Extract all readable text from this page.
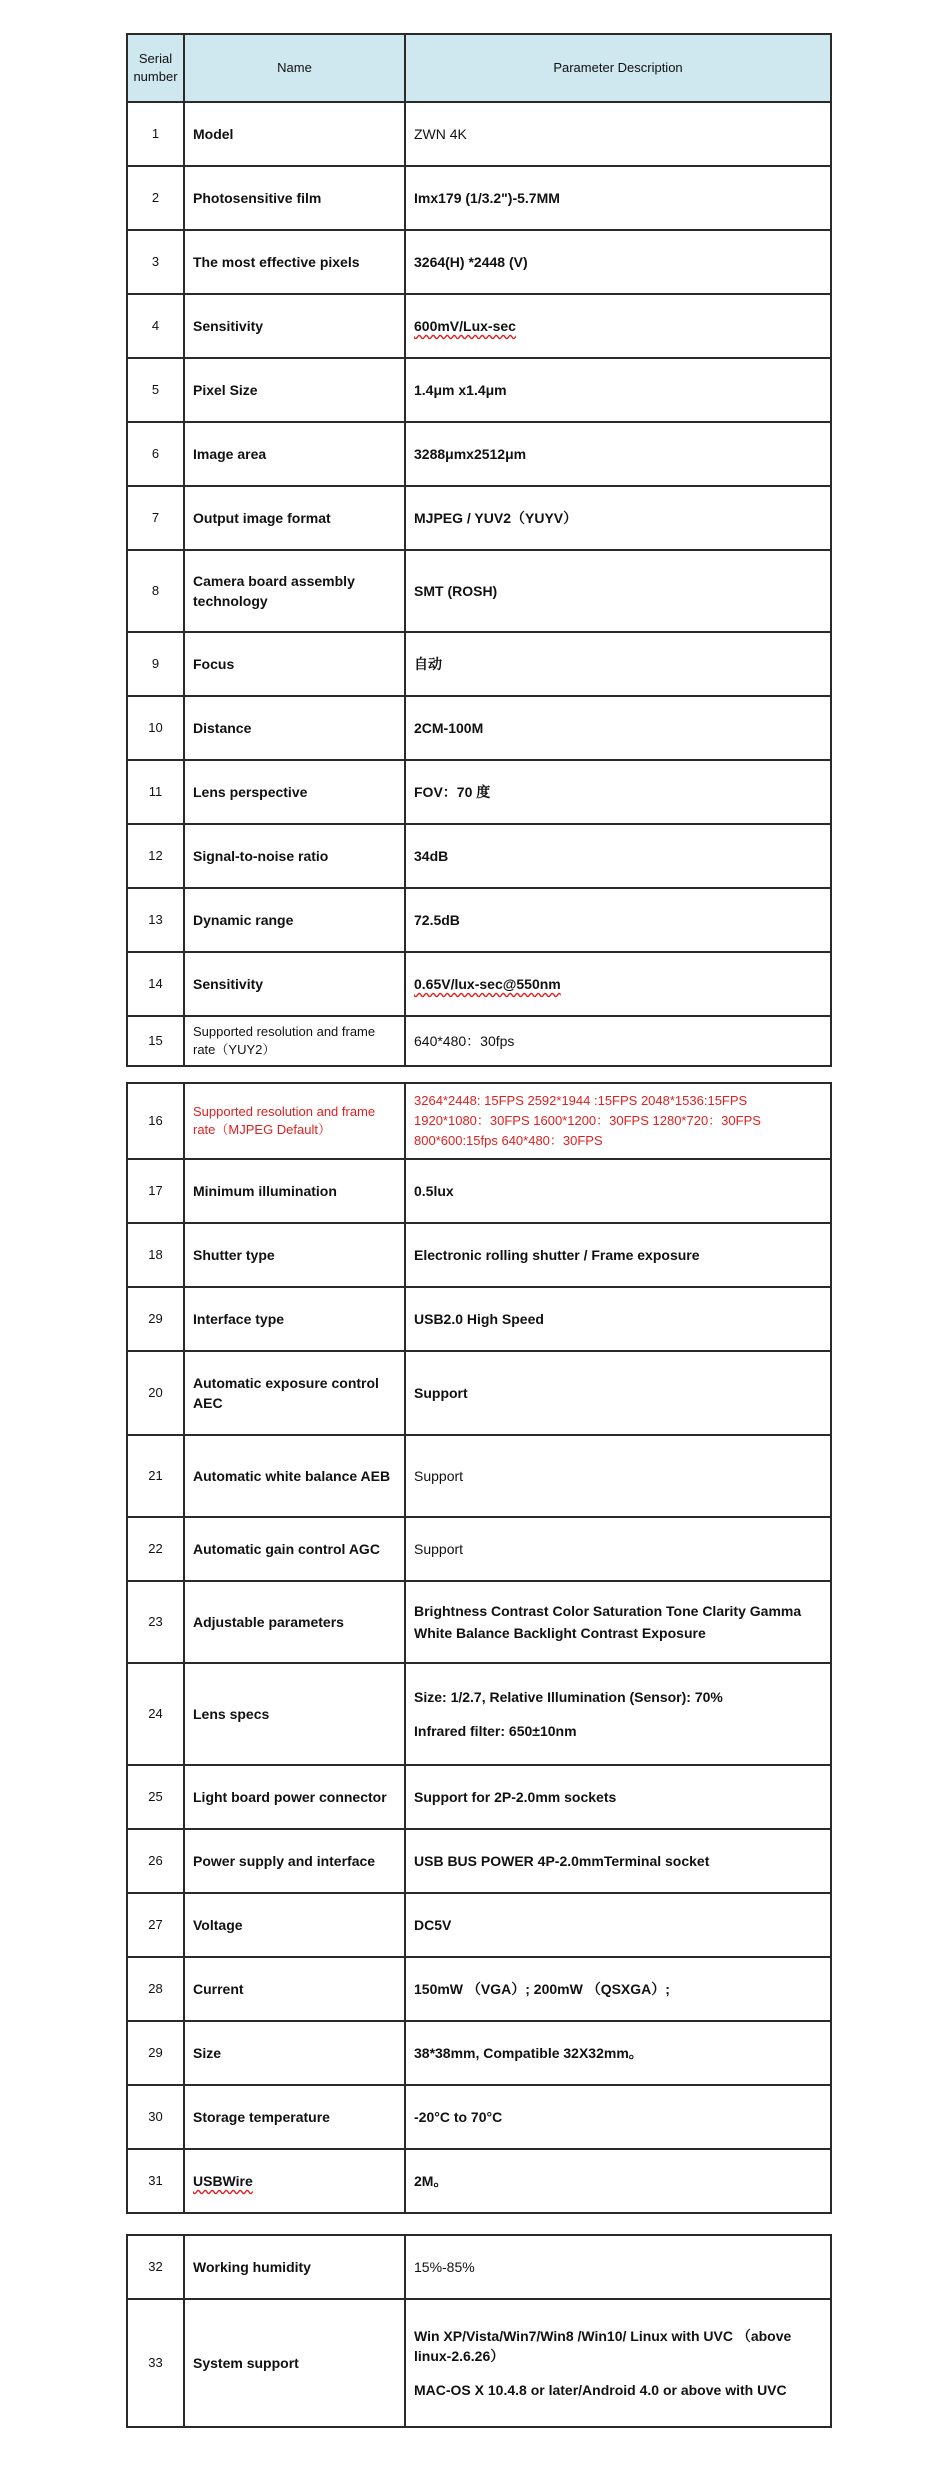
Serial number	Name	Parameter Description
1	Model	ZWN 4K
2	Photosensitive film	Imx179 (1/3.2")-5.7MM
3	The most effective pixels	3264(H) *2448 (V)
4	Sensitivity	600mV/Lux-sec
5	Pixel Size	1.4μm x1.4μm
6	Image area	3288μmx2512μm
7	Output image format	MJPEG / YUV2（YUYV）
8	Camera board assembly technology	SMT (ROSH)
9	Focus	自动
10	Distance	2CM-100M
11	Lens perspective	FOV：70 度
12	Signal-to-noise ratio	34dB
13	Dynamic range	72.5dB
14	Sensitivity	0.65V/lux-sec@550nm
15	Supported resolution and frame rate（YUY2）	640*480：30fps
16	Supported resolution and frame rate（MJPEG Default）	3264*2448: 15FPS 2592*1944 :15FPS 2048*1536:15FPS
1920*1080：30FPS 1600*1200：30FPS 1280*720：30FPS
800*600:15fps 640*480：30FPS

17	Minimum illumination	0.5lux
18	Shutter type	Electronic rolling shutter / Frame exposure
29	Interface type	USB2.0 High Speed
20	Automatic exposure control AEC	Support
21	Automatic white balance AEB	Support
22	Automatic gain control AGC	Support
23	Adjustable parameters	Brightness Contrast Color Saturation Tone Clarity Gamma White Balance Backlight Contrast Exposure
24	Lens specs	Size: 1/2.7, Relative Illumination (Sensor): 70%
Infrared filter: 650±10nm

25	Light board power connector	Support for 2P-2.0mm sockets
26	Power supply and interface	USB BUS POWER 4P-2.0mmTerminal socket
27	Voltage	DC5V
28	Current	150mW （VGA）; 200mW （QSXGA）;
29	Size	38*38mm, Compatible 32X32mm。
30	Storage temperature	-20°C to 70°C
31	USBWire	2M。
32	Working humidity	15%-85%
33	System support	Win XP/Vista/Win7/Win8 /Win10/ Linux with UVC （above linux-2.6.26）
MAC-OS X 10.4.8 or later/Android 4.0 or above with UVC
